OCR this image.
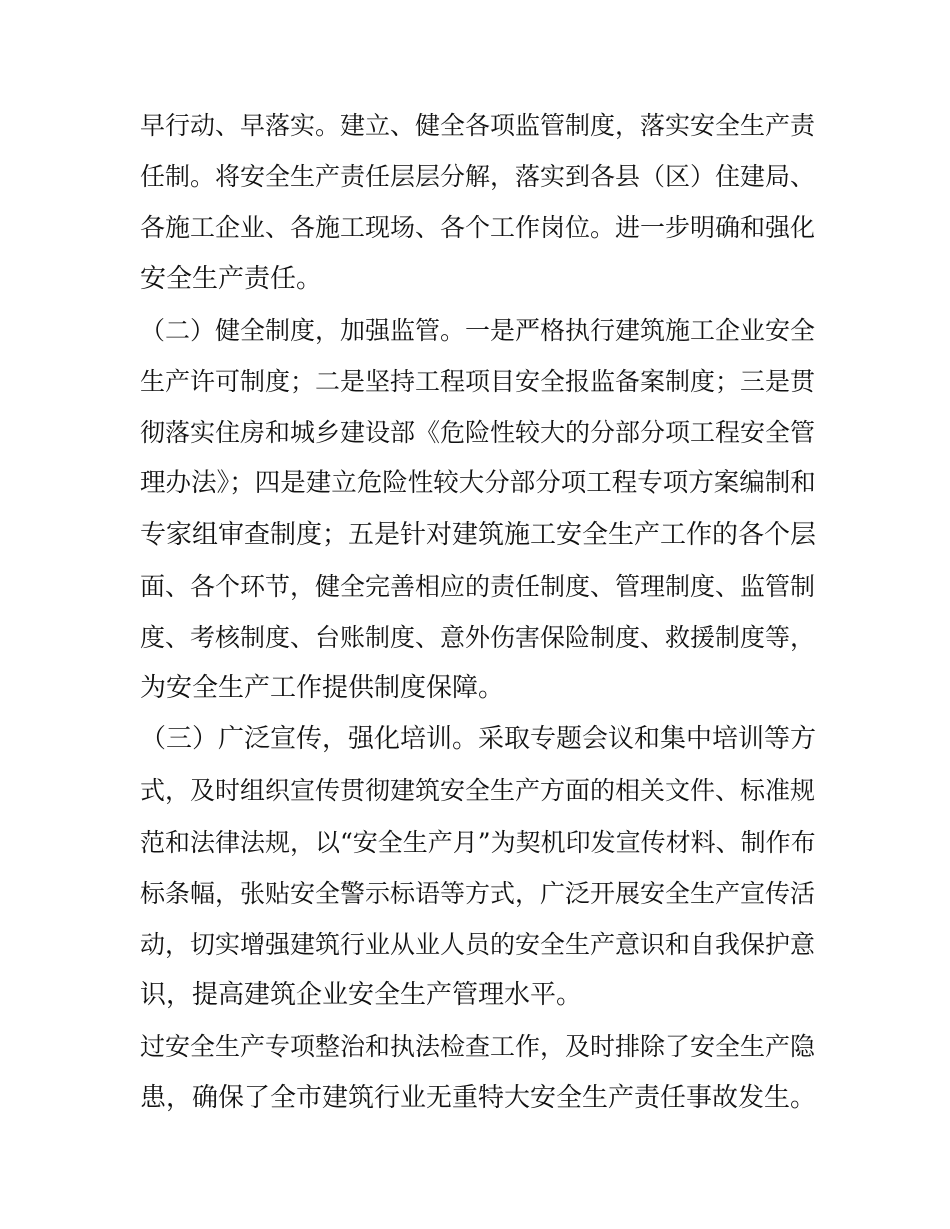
早行动、早落实。建立、健全各项监管制度，落实安全生产责
任制。将安全生产责任层层分解，落实到各县（区）住建局、
各施工企业、各施工现场、各个工作岗位。进一步明确和强化
安全生产责任。
（二）健全制度，加强监管。一是严格执行建筑施工企业安全
生产许可制度；二是坚持工程项目安全报监备案制度；三是贯
彻落实住房和城乡建设部《危险性较大的分部分项工程安全管
理办法》；四是建立危险性较大分部分项工程专项方案编制和
专家组审查制度；五是针对建筑施工安全生产工作的各个层
面、各个环节，健全完善相应的责任制度、管理制度、监管制
度、考核制度、台账制度、意外伤害保险制度、救援制度等，
为安全生产工作提供制度保障。
（三）广泛宣传，强化培训。采取专题会议和集中培训等方
式，及时组织宣传贯彻建筑安全生产方面的相关文件、标准规
范和法律法规，以“安全生产月”为契机印发宣传材料、制作布
标条幅，张贴安全警示标语等方式，广泛开展安全生产宣传活
动，切实增强建筑行业从业人员的安全生产意识和自我保护意
识，提高建筑企业安全生产管理水平。
过安全生产专项整治和执法检查工作，及时排除了安全生产隐
患，确保了全市建筑行业无重特大安全生产责任事故发生。
